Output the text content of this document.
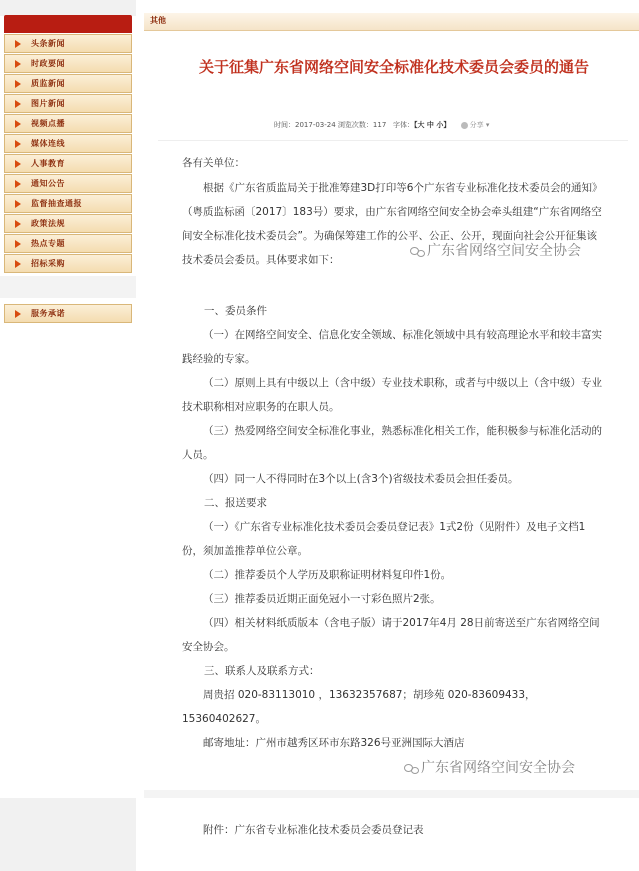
头条新闻
时政要闻
质监新闻
图片新闻
视频点播
媒体连线
人事教育
通知公告
监督抽查通报
政策法规
热点专题
招标采购
服务承诺
其他
关于征集广东省网络空间安全标准化技术委员会委员的通告
时间：2017-03-24 浏览次数：117 字体：【大 中 小】	分享 ▾

各有关单位：

根据《广东省质监局关于批准筹建3D打印等6个广东省专业标准化技术委员会的通知》（粤质监标函〔2017〕183号）要求，由广东省网络空间安全协会牵头组建“广东省网络空间安全标准化技术委员会”。为确保筹建工作的公平、公正、公开，现面向社会公开征集该技术委员会委员。具体要求如下：

一、委员条件

（一）在网络空间安全、信息化安全领域、标准化领域中具有较高理论水平和较丰富实践经验的专家。

（二）原则上具有中级以上（含中级）专业技术职称，或者与中级以上（含中级）专业技术职称相对应职务的在职人员。

（三）热爱网络空间安全标准化事业，熟悉标准化相关工作，能积极参与标准化活动的人员。

（四）同一人不得同时在3个以上(含3个)省级技术委员会担任委员。

二、报送要求

（一）《广东省专业标准化技术委员会委员登记表》1式2份（见附件）及电子文档1份，须加盖推荐单位公章。

（二）推荐委员个人学历及职称证明材料复印件1份。

（三）推荐委员近期正面免冠小一寸彩色照片2张。

（四）相关材料纸质版本（含电子版）请于2017年4月 28日前寄送至广东省网络空间安全协会。

三、联系人及联系方式：

周贵招 020-83113010 ，13632357687；胡珍苑 020-83609433，15360402627。

邮寄地址：广州市越秀区环市东路326号亚洲国际大酒店

附件：广东省专业标准化技术委员会委员登记表

广东省网络空间安全协会
广东省网络空间安全协会
